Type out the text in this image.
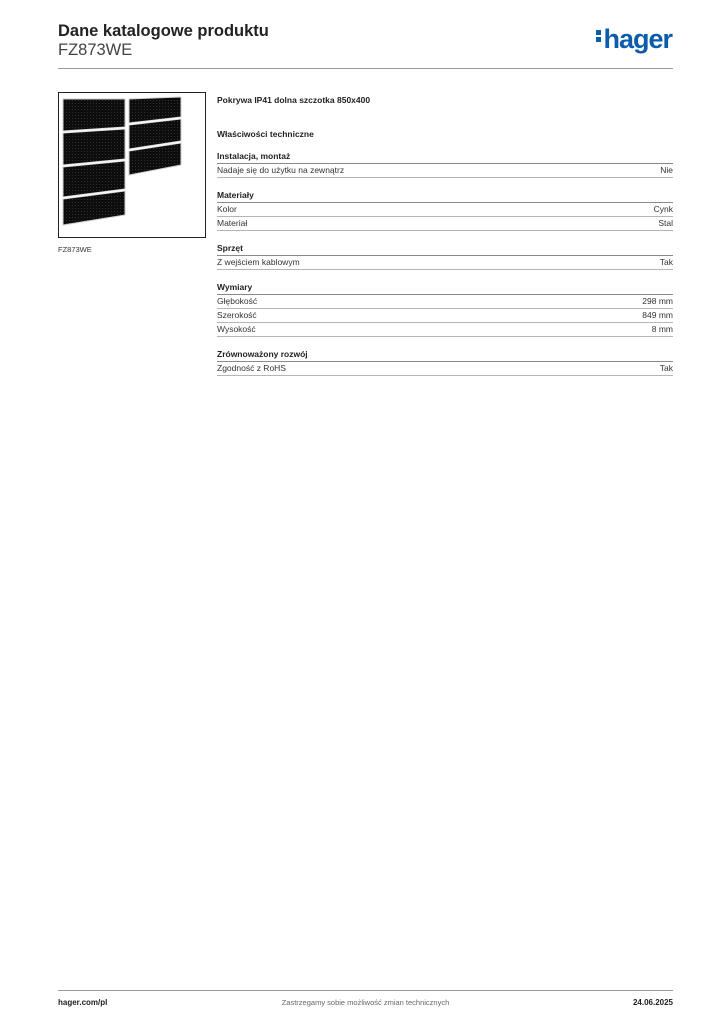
Dane katalogowe produktu
FZ873WE	hager
FZ873WE
Pokrywa IP41 dolna szczotka 850x400
Właściwości techniczne
Instalacja, montaż
Nadaje się do użytku na zewnątrz	Nie
Materiały
Kolor	Cynk
Materiał	Stal
Sprzęt
Z wejściem kablowym	Tak
Wymiary
Głębokość	298 mm
Szerokość	849 mm
Wysokość	8 mm
Zrównoważony rozwój
Zgodność z RoHS	Tak
hager.com/pl	Zastrzegamy sobie możliwość zmian technicznych	24.06.2025
